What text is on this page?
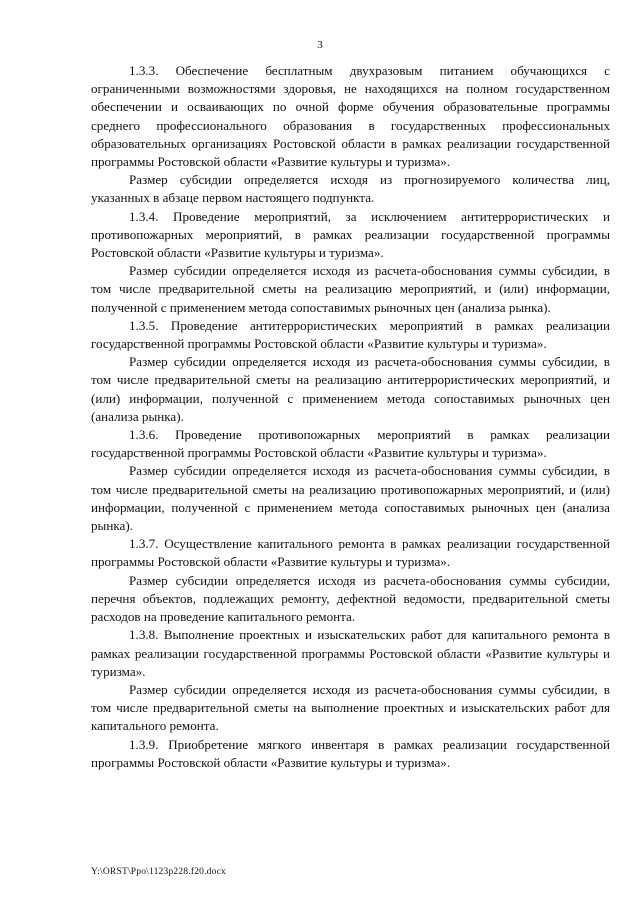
3

1.3.3. Обеспечение бесплатным двухразовым питанием обучающихся с ограниченными возможностями здоровья, не находящихся на полном государственном обеспечении и осваивающих по очной форме обучения образовательные программы среднего профессионального образования в государственных профессиональных образовательных организациях Ростовской области в рамках реализации государственной программы Ростовской области «Развитие культуры и туризма».

Размер субсидии определяется исходя из прогнозируемого количества лиц, указанных в абзаце первом настоящего подпункта.

1.3.4. Проведение мероприятий, за исключением антитеррористических и противопожарных мероприятий, в рамках реализации государственной программы Ростовской области «Развитие культуры и туризма».

Размер субсидии определяется исходя из расчета-обоснования суммы субсидии, в том числе предварительной сметы на реализацию мероприятий, и (или) информации, полученной с применением метода сопоставимых рыночных цен (анализа рынка).

1.3.5. Проведение антитеррористических мероприятий в рамках реализации государственной программы Ростовской области «Развитие культуры и туризма».

Размер субсидии определяется исходя из расчета-обоснования суммы субсидии, в том числе предварительной сметы на реализацию антитеррористических мероприятий, и (или) информации, полученной с применением метода сопоставимых рыночных цен (анализа рынка).

1.3.6. Проведение противопожарных мероприятий в рамках реализации государственной программы Ростовской области «Развитие культуры и туризма».

Размер субсидии определяется исходя из расчета-обоснования суммы субсидии, в том числе предварительной сметы на реализацию противопожарных мероприятий, и (или) информации, полученной с применением метода сопоставимых рыночных цен (анализа рынка).

1.3.7. Осуществление капитального ремонта в рамках реализации государственной программы Ростовской области «Развитие культуры и туризма».

Размер субсидии определяется исходя из расчета-обоснования суммы субсидии, перечня объектов, подлежащих ремонту, дефектной ведомости, предварительной сметы расходов на проведение капитального ремонта.

1.3.8. Выполнение проектных и изыскательских работ для капитального ремонта в рамках реализации государственной программы Ростовской области «Развитие культуры и туризма».

Размер субсидии определяется исходя из расчета-обоснования суммы субсидии, в том числе предварительной сметы на выполнение проектных и изыскательских работ для капитального ремонта.

1.3.9. Приобретение мягкого инвентаря в рамках реализации государственной программы Ростовской области «Развитие культуры и туризма».

Y:\ORST\Ppo\1123p228.f20.docx
